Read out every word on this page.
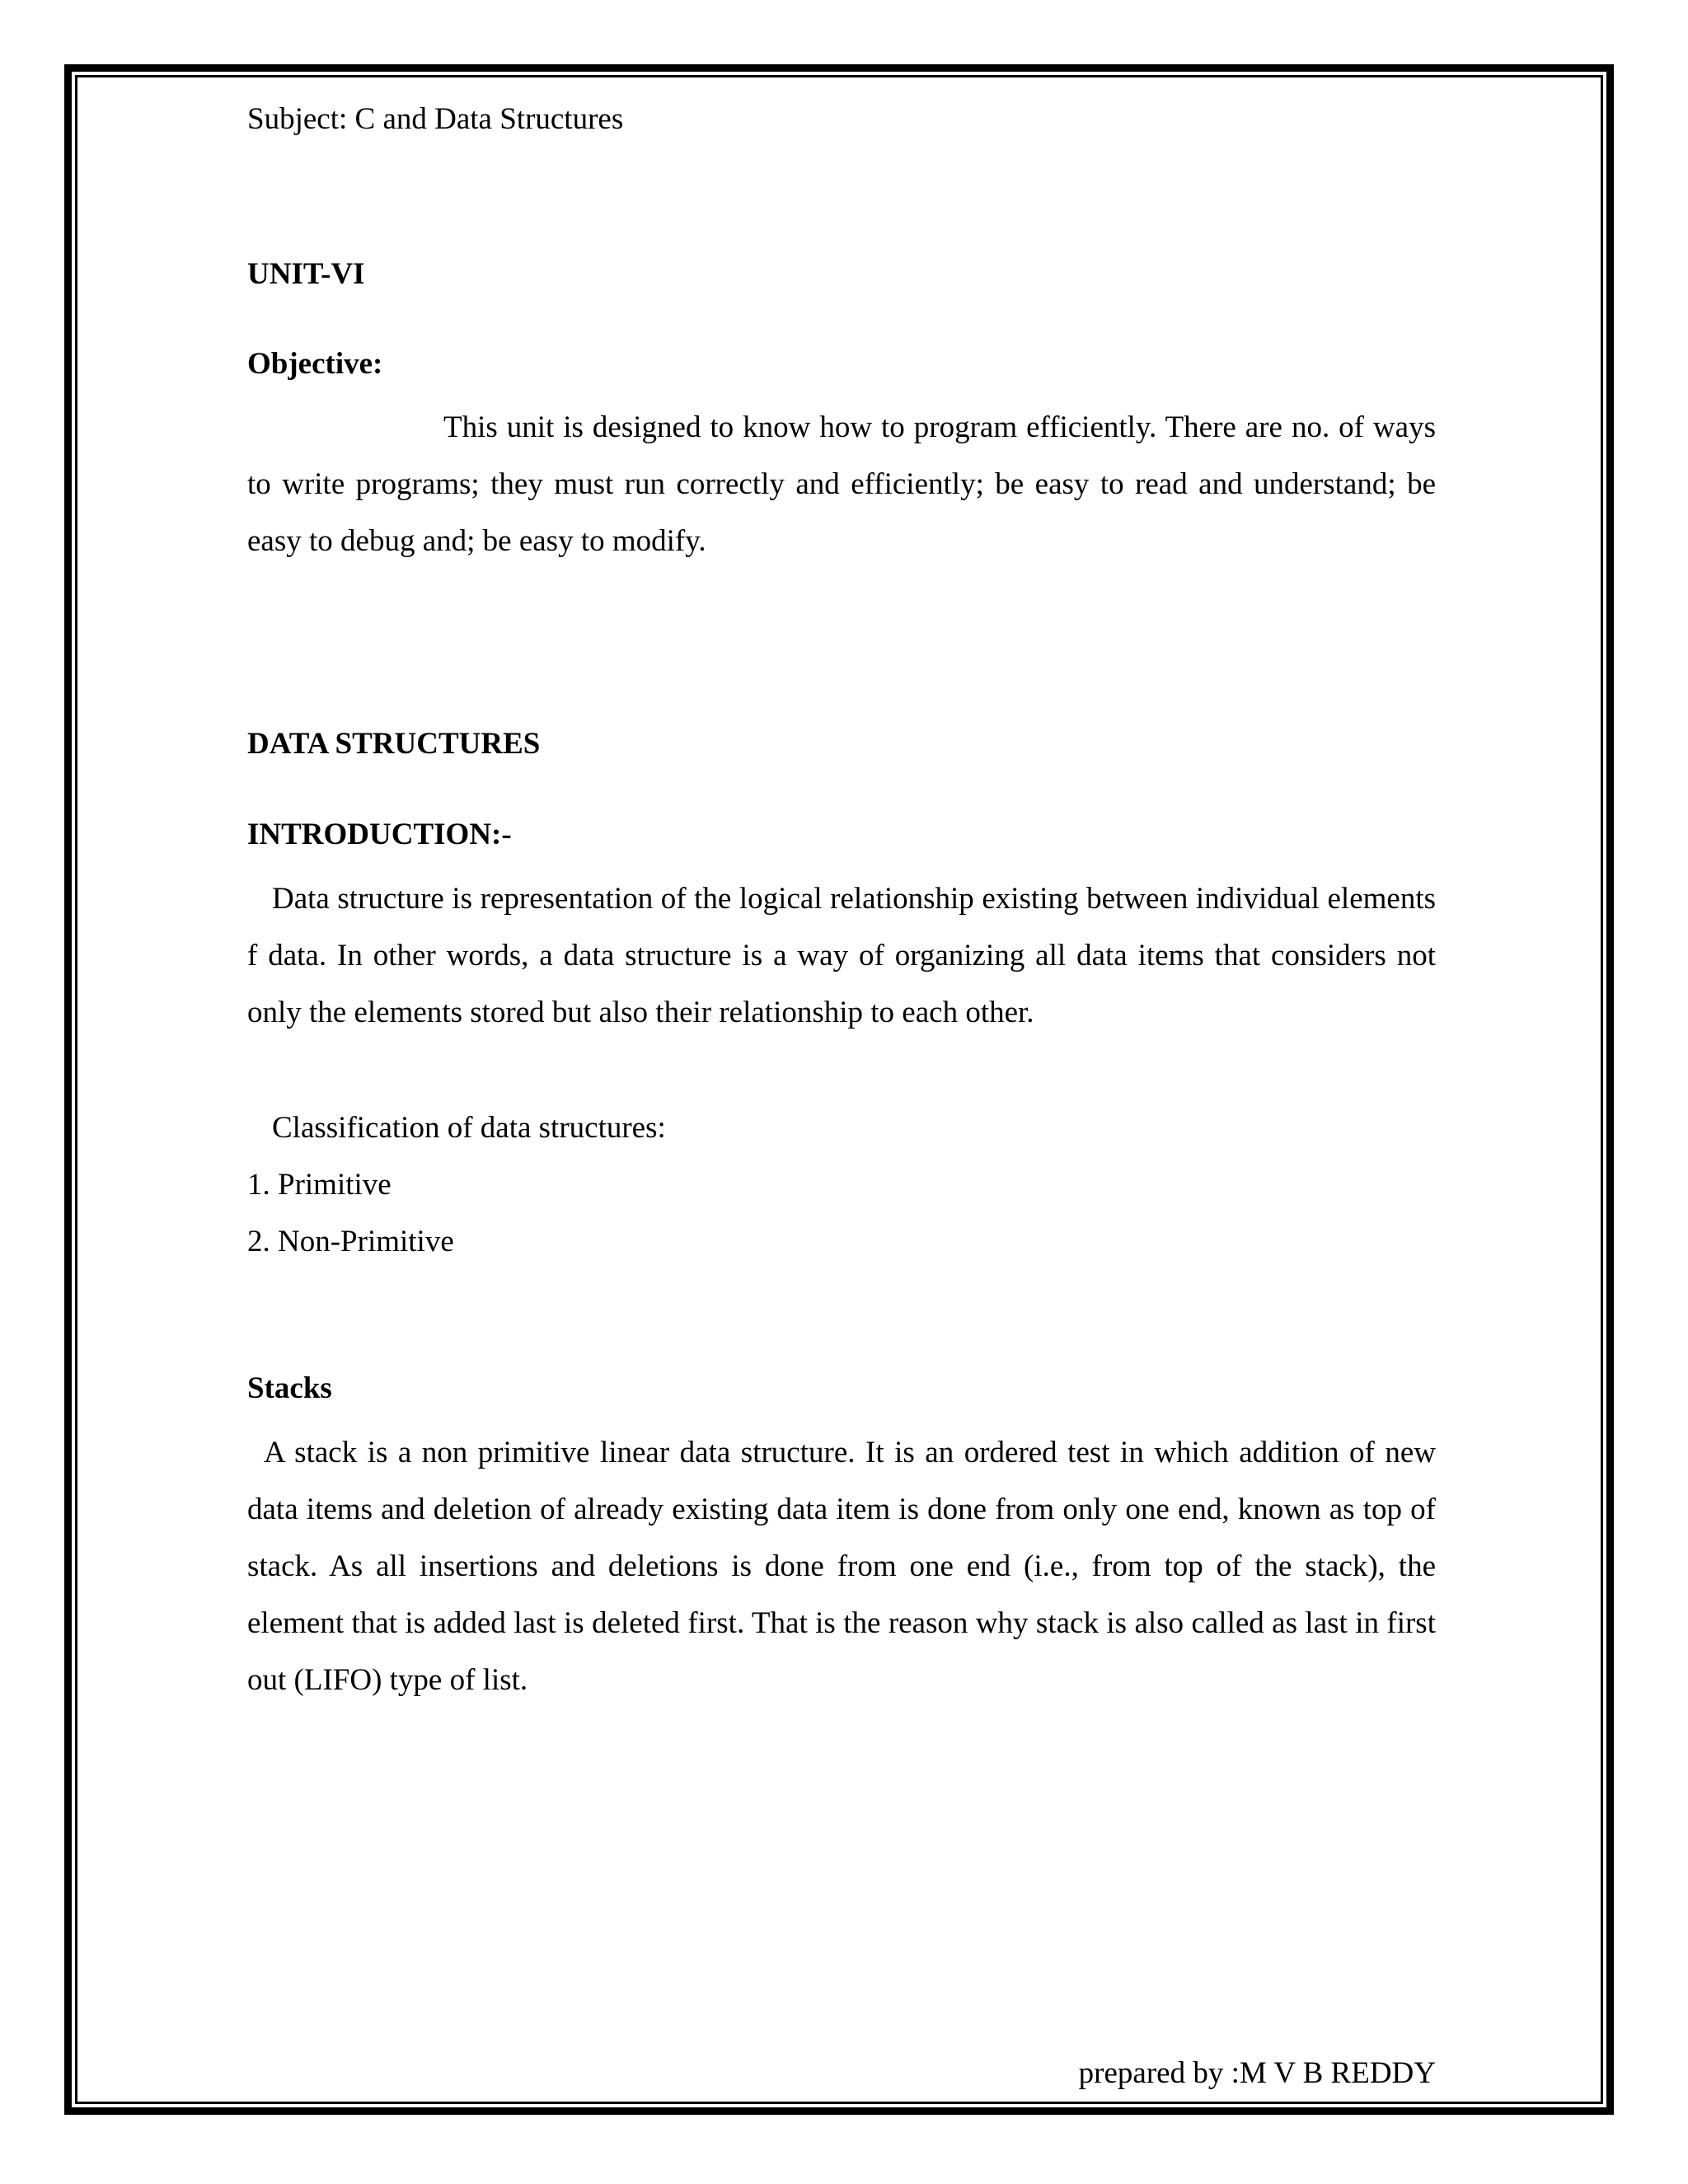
Subject: C and Data Structures
UNIT-VI
Objective:
This unit is designed to know how to program efficiently. There are no. of ways to write programs; they must run correctly and efficiently; be easy to read and understand; be easy to debug and; be easy to modify.
DATA STRUCTURES
INTRODUCTION:-
Data structure is representation of the logical relationship existing between individual elements f data. In other words, a data structure is a way of organizing all data items that considers not only the elements stored but also their relationship to each other.
Classification of data structures:
1. Primitive
2. Non-Primitive
Stacks
A stack is a non primitive linear data structure. It is an ordered test in which addition of new data items and deletion of already existing data item is done from only one end, known as top of stack. As all insertions and deletions is done from one end (i.e., from top of the stack), the element that is added last is deleted first. That is the reason why stack is also called as last in first out (LIFO) type of list.
prepared by :M V B REDDY
